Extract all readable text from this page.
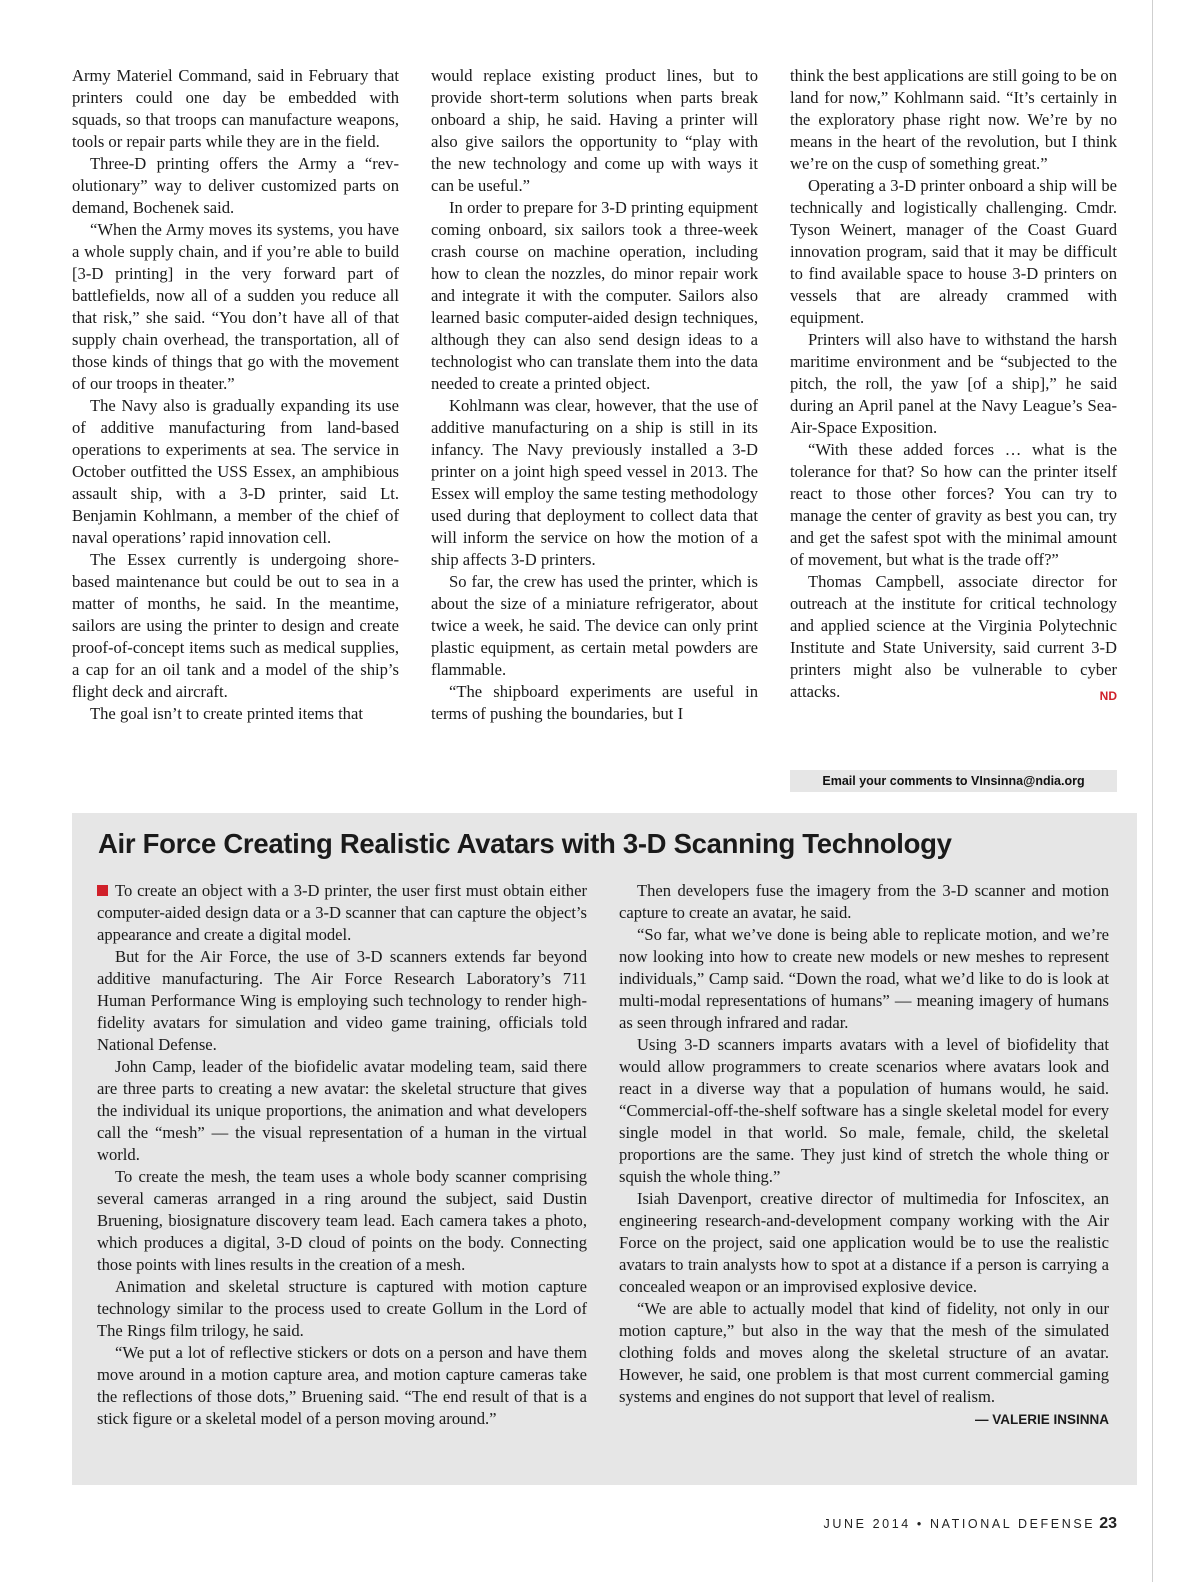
Army Materiel Command, said in February that printers could one day be embedded with squads, so that troops can manufacture weapons, tools or repair parts while they are in the field.

Three-D printing offers the Army a “revolutionary” way to deliver customized parts on demand, Bochenek said.

“When the Army moves its systems, you have a whole supply chain, and if you’re able to build [3-D printing] in the very forward part of battlefields, now all of a sudden you reduce all that risk,” she said. “You don’t have all of that supply chain overhead, the transportation, all of those kinds of things that go with the movement of our troops in theater.”

The Navy also is gradually expanding its use of additive manufacturing from land-based operations to experiments at sea. The service in October outfitted the USS Essex, an amphibious assault ship, with a 3-D printer, said Lt. Benjamin Kohlmann, a member of the chief of naval operations’ rapid innovation cell.

The Essex currently is undergoing shore-based maintenance but could be out to sea in a matter of months, he said. In the meantime, sailors are using the printer to design and create proof-of-concept items such as medical supplies, a cap for an oil tank and a model of the ship’s flight deck and aircraft.

The goal isn’t to create printed items that

would replace existing product lines, but to provide short-term solutions when parts break onboard a ship, he said. Having a printer will also give sailors the opportunity to “play with the new technology and come up with ways it can be useful.”

In order to prepare for 3-D printing equipment coming onboard, six sailors took a three-week crash course on machine operation, including how to clean the nozzles, do minor repair work and integrate it with the computer. Sailors also learned basic computer-aided design techniques, although they can also send design ideas to a technologist who can translate them into the data needed to create a printed object.

Kohlmann was clear, however, that the use of additive manufacturing on a ship is still in its infancy. The Navy previously installed a 3-D printer on a joint high speed vessel in 2013. The Essex will employ the same testing methodology used during that deployment to collect data that will inform the service on how the motion of a ship affects 3-D printers.

So far, the crew has used the printer, which is about the size of a miniature refrigerator, about twice a week, he said. The device can only print plastic equipment, as certain metal powders are flammable.

“The shipboard experiments are useful in terms of pushing the boundaries, but I

think the best applications are still going to be on land for now,” Kohlmann said. “It’s certainly in the exploratory phase right now. We’re by no means in the heart of the revolution, but I think we’re on the cusp of something great.”

Operating a 3-D printer onboard a ship will be technically and logistically challenging. Cmdr. Tyson Weinert, manager of the Coast Guard innovation program, said that it may be difficult to find available space to house 3-D printers on vessels that are already crammed with equipment.

Printers will also have to withstand the harsh maritime environment and be “subjected to the pitch, the roll, the yaw [of a ship],” he said during an April panel at the Navy League’s Sea-Air-Space Exposition.

“With these added forces … what is the tolerance for that? So how can the printer itself react to those other forces? You can try to manage the center of gravity as best you can, try and get the safest spot with the minimal amount of movement, but what is the trade off?”

Thomas Campbell, associate director for outreach at the institute for critical technology and applied science at the Virginia Polytechnic Institute and State University, said current 3-D printers might also be vulnerable to cyber attacks.	ND

Email your comments to VInsinna@ndia.org
Air Force Creating Realistic Avatars with 3-D Scanning Technology

To create an object with a 3-D printer, the user first must obtain either computer-aided design data or a 3-D scanner that can capture the object’s appearance and create a digital model.

But for the Air Force, the use of 3-D scanners extends far beyond additive manufacturing. The Air Force Research Laboratory’s 711 Human Performance Wing is employing such technology to render high-fidelity avatars for simulation and video game training, officials told National Defense.

John Camp, leader of the biofidelic avatar modeling team, said there are three parts to creating a new avatar: the skeletal structure that gives the individual its unique proportions, the animation and what developers call the “mesh” — the visual representation of a human in the virtual world.

To create the mesh, the team uses a whole body scanner comprising several cameras arranged in a ring around the subject, said Dustin Bruening, biosignature discovery team lead. Each camera takes a photo, which produces a digital, 3-D cloud of points on the body. Connecting those points with lines results in the creation of a mesh.

Animation and skeletal structure is captured with motion capture technology similar to the process used to create Gollum in the Lord of The Rings film trilogy, he said.

“We put a lot of reflective stickers or dots on a person and have them move around in a motion capture area, and motion capture cameras take the reflections of those dots,” Bruening said. “The end result of that is a stick figure or a skeletal model of a person moving around.”

Then developers fuse the imagery from the 3-D scanner and motion capture to create an avatar, he said.

“So far, what we’ve done is being able to replicate motion, and we’re now looking into how to create new models or new meshes to represent individuals,” Camp said. “Down the road, what we’d like to do is look at multi-modal representations of humans” — meaning imagery of humans as seen through infrared and radar.

Using 3-D scanners imparts avatars with a level of biofidelity that would allow programmers to create scenarios where avatars look and react in a diverse way that a population of humans would, he said. “Commercial-off-the-shelf software has a single skeletal model for every single model in that world. So male, female, child, the skeletal proportions are the same. They just kind of stretch the whole thing or squish the whole thing.”

Isiah Davenport, creative director of multimedia for Infoscitex, an engineering research-and-development company working with the Air Force on the project, said one application would be to use the realistic avatars to train analysts how to spot at a distance if a person is carrying a concealed weapon or an improvised explosive device.

“We are able to actually model that kind of fidelity, not only in our motion capture,” but also in the way that the mesh of the simulated clothing folds and moves along the skeletal structure of an avatar. However, he said, one problem is that most current commercial gaming systems and engines do not support that level of realism.
— VALERIE INSINNA

JUNE 2014 • NATIONAL DEFENSE 23
